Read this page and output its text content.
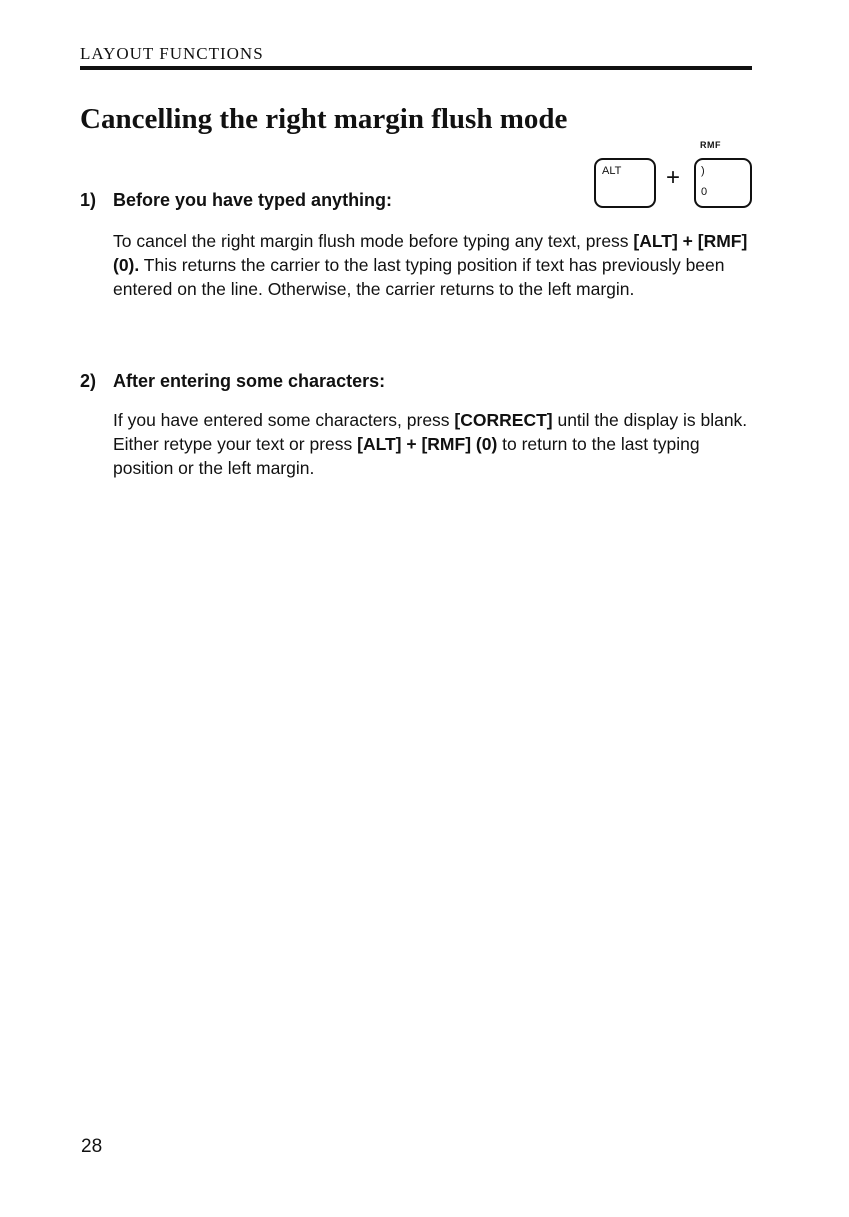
LAYOUT FUNCTIONS
Cancelling the right margin flush mode
RMF
ALT + )
0
1) Before you have typed anything:

To cancel the right margin flush mode before typing any text, press [ALT] + [RMF] (0). This returns the carrier to the last typing position if text has previously been entered on the line. Otherwise, the carrier returns to the left margin.

2) After entering some characters:

If you have entered some characters, press [CORRECT] until the display is blank. Either retype your text or press [ALT] + [RMF] (0) to return to the last typing position or the left margin.

28
